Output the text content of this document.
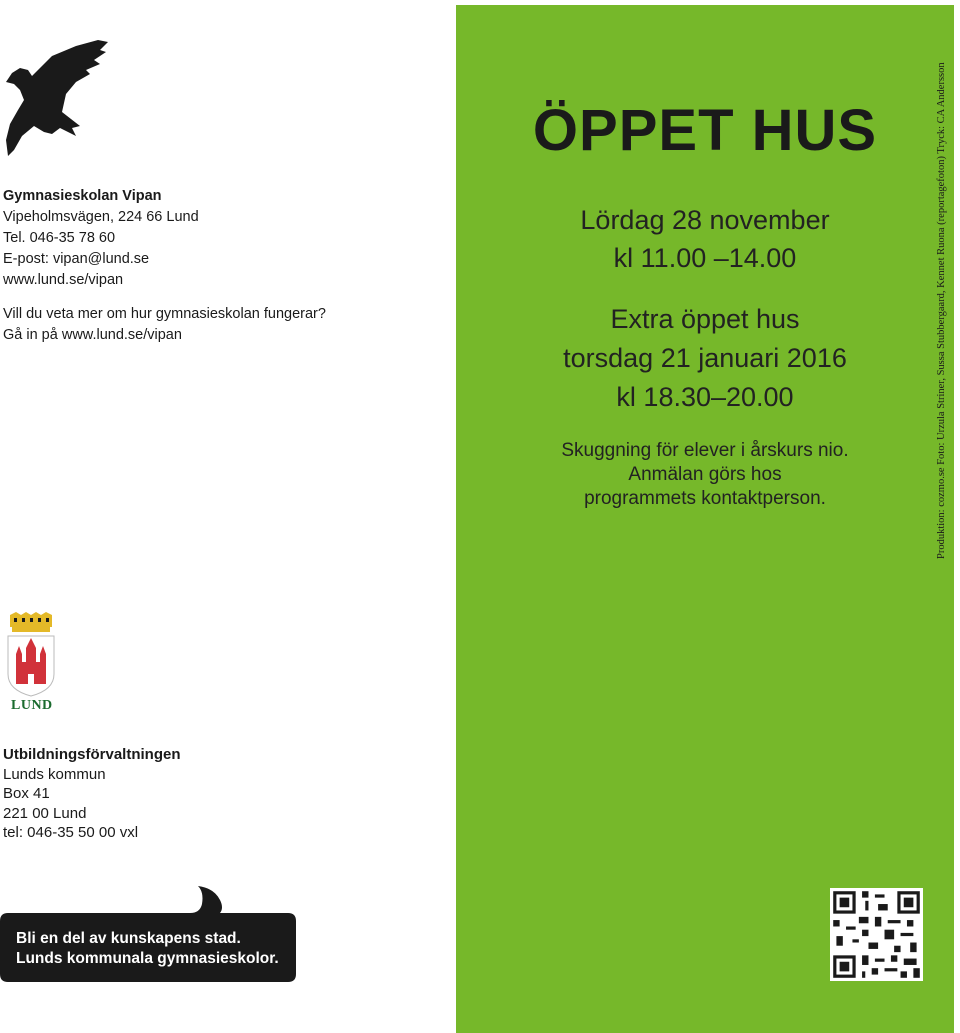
Gymnasieskolan Vipan
Vipeholmsvägen, 224 66 Lund
Tel. 046-35 78 60
E-post: vipan@lund.se
www.lund.se/vipan
Vill du veta mer om hur gymnasieskolan fungerar?
Gå in på www.lund.se/vipan
LUND
Utbildningsförvaltningen
Lunds kommun
Box 41
221 00 Lund
tel: 046-35 50 00 vxl
Bli en del av kunskapens stad.
Lunds kommunala gymnasieskolor.
ÖPPET HUS
Lördag 28 november
kl 11.00 –14.00
Extra öppet hus
torsdag 21 januari 2016
kl 18.30–20.00
Skuggning för elever i årskurs nio.
Anmälan görs hos
programmets kontaktperson.	Produktion: cozmo.se Foto: Urzula Striner, Sussa Stubbergaard, Kennet Ruona (reportagefoton) Tryck: CA Andersson
